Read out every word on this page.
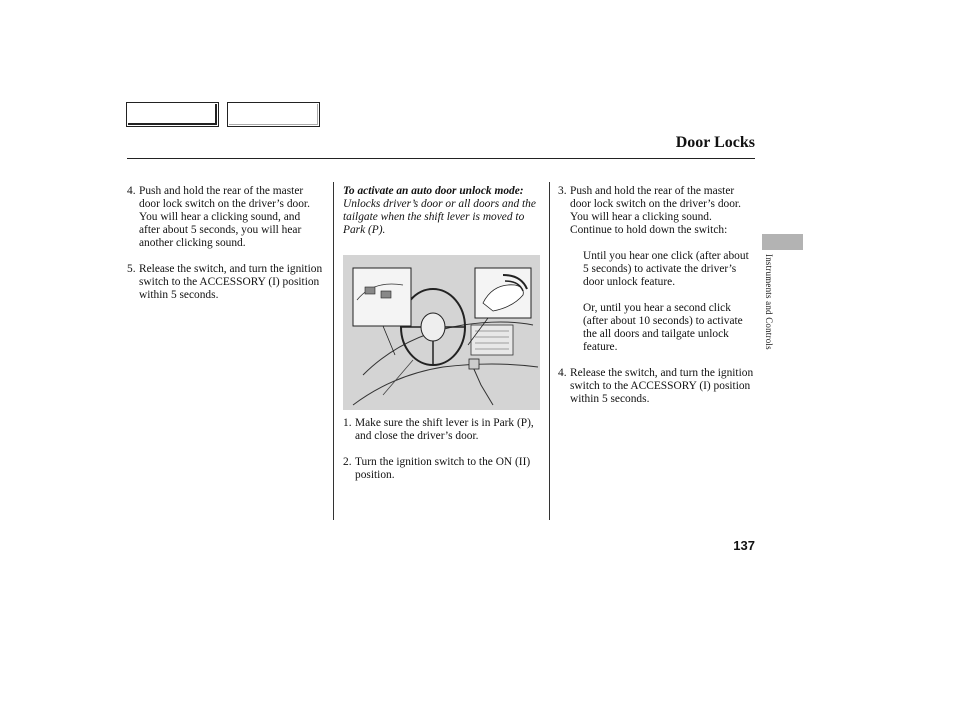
Door Locks
4. Push and hold the rear of the master door lock switch on the driver’s door. You will hear a clicking sound, and after about 5 seconds, you will hear another clicking sound.
5. Release the switch, and turn the ignition switch to the ACCESSORY (I) position within 5 seconds.
To activate an auto door unlock mode:
Unlocks driver’s door or all doors and the tailgate when the shift lever is moved to Park (P).
1. Make sure the shift lever is in Park (P), and close the driver’s door.
2. Turn the ignition switch to the ON (II) position.
3. Push and hold the rear of the master door lock switch on the driver’s door. You will hear a clicking sound. Continue to hold down the switch:
Until you hear one click (after about 5 seconds) to activate the driver’s door unlock feature.
Or, until you hear a second click (after about 10 seconds) to activate the all doors and tailgate unlock feature.
4. Release the switch, and turn the ignition switch to the ACCESSORY (I) position within 5 seconds.
Instruments and Controls
137
